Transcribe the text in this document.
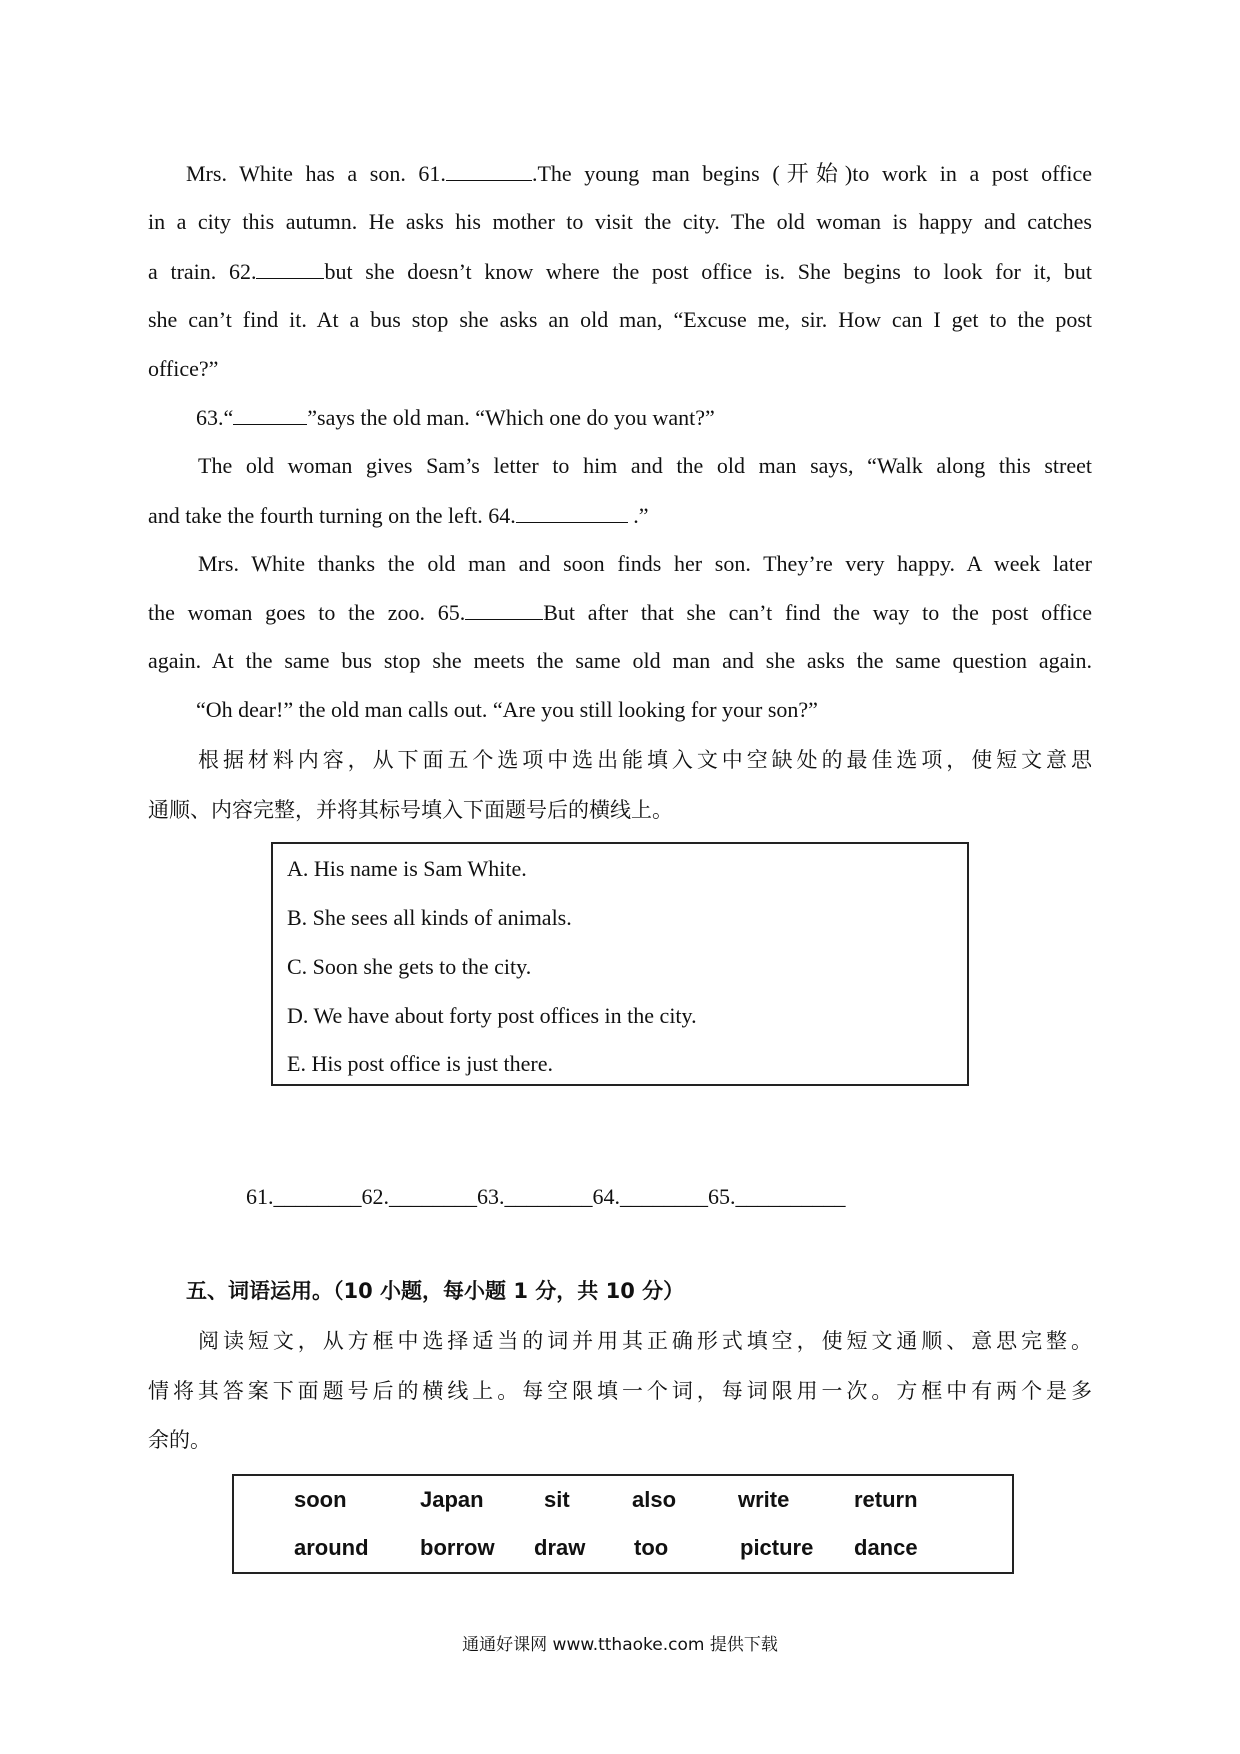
Mrs. White has a son. 61.	.The young man begins (开始)to work in a post office
in a city this autumn. He asks his mother to visit the city. The old woman is happy and catches
a train. 62.	but she doesn’t know where the post office is. She begins to look for it, but
she can’t find it. At a bus stop she asks an old man, “Excuse me, sir. How can I get to the post
office?”
63.“	”says the old man. “Which one do you want?”
The old woman gives Sam’s letter to him and the old man says, “Walk along this street
and take the fourth turning on the left. 64.	.”
Mrs. White thanks the old man and soon finds her son. They’re very happy. A week later
the woman goes to the zoo. 65.	But after that she can’t find the way to the post office
again. At the same bus stop she meets the same old man and she asks the same question again.
“Oh dear!” the old man calls out. “Are you still looking for your son?”
根据材料内容，从下面五个选项中选出能填入文中空缺处的最佳选项，使短文意思
通顺、内容完整，并将其标号填入下面题号后的横线上。
A. His name is Sam White.
B. She sees all kinds of animals.
C. Soon she gets to the city.
D. We have about forty post offices in the city.
E. His post office is just there.
61.________62.________63.________64.________65.__________
五、词语运用。（10 小题，每小题 1 分，共 10 分）
阅读短文，从方框中选择适当的词并用其正确形式填空，使短文通顺、意思完整。
情将其答案下面题号后的横线上。每空限填一个词，每词限用一次。方框中有两个是多
余的。
soon	Japan	sit	also	write	return
around borrow draw too	picture dance
通通好课网 www.tthaoke.com 提供下载
